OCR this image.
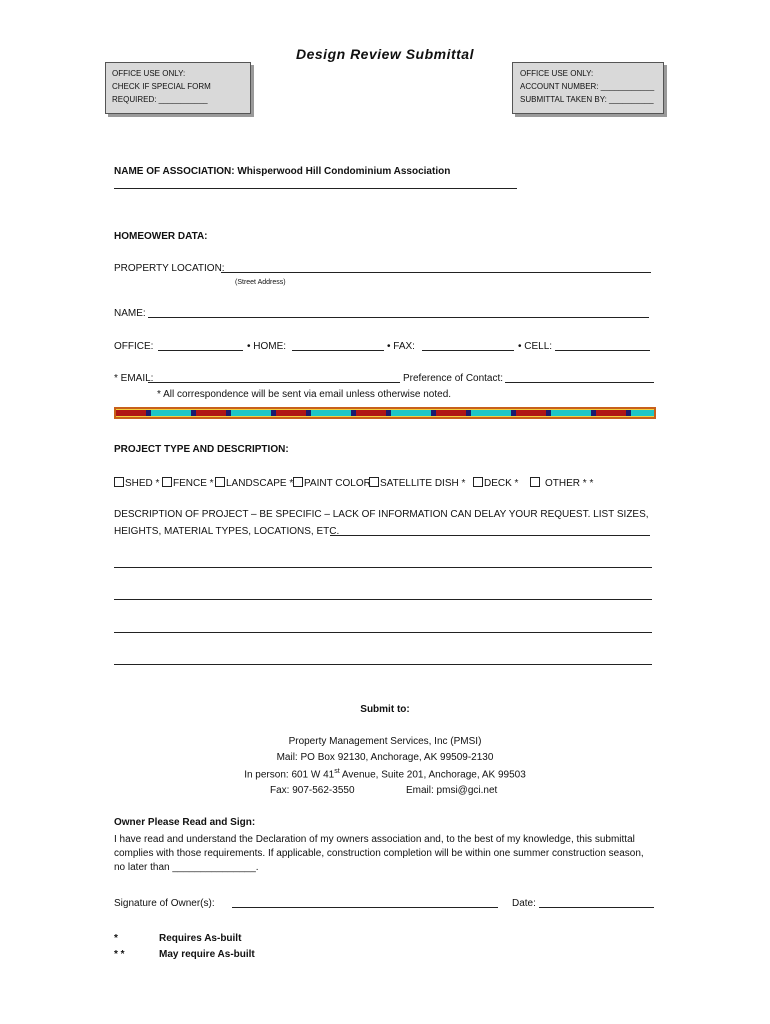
Design Review Submittal
OFFICE USE ONLY:
CHECK IF SPECIAL FORM
REQUIRED: ___________
OFFICE USE ONLY:
ACCOUNT NUMBER: ____________
SUBMITTAL TAKEN BY: __________
NAME OF ASSOCIATION: Whisperwood Hill Condominium Association
HOMEOWER DATA:
PROPERTY LOCATION:
(Street Address)
NAME:
OFFICE:	• HOME:	• FAX:	• CELL:
* EMAIL:	Preference of Contact:
* All correspondence will be sent via email unless otherwise noted.
PROJECT TYPE AND DESCRIPTION:
SHED *	FENCE *	LANDSCAPE *	PAINT COLOR SATELLITE DISH *	DECK *	OTHER * *
DESCRIPTION OF PROJECT – BE SPECIFIC – LACK OF INFORMATION CAN DELAY YOUR REQUEST. LIST SIZES,
HEIGHTS, MATERIAL TYPES, LOCATIONS, ETC.
Submit to:
Property Management Services, Inc (PMSI)
Mail: PO Box 92130, Anchorage, AK 99509-2130
In person: 601 W 41st Avenue, Suite 201, Anchorage, AK 99503
Fax: 907-562-3550	Email: pmsi@gci.net
Owner Please Read and Sign:
I have read and understand the Declaration of my owners association and, to the best of my knowledge, this submittal
complies with those requirements. If applicable, construction completion will be within one summer construction season,
no later than _______________.
Signature of Owner(s):	Date:
*	Requires As-built
* *	May require As-built
